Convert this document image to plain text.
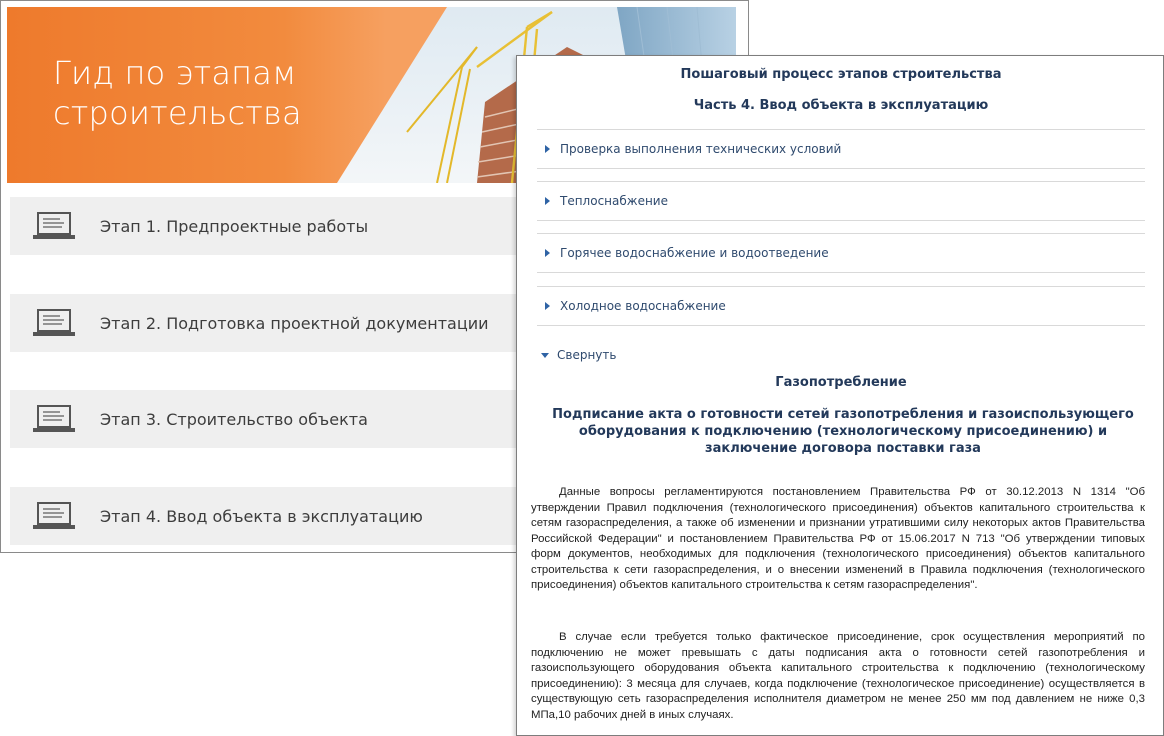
Гид по этапам
строительства
Этап 1. Предпроектные работы
Этап 2. Подготовка проектной документации
Этап 3. Строительство объекта
Этап 4. Ввод объекта в эксплуатацию
Пошаговый процесс этапов строительства
Часть 4. Ввод объекта в эксплуатацию
Проверка выполнения технических условий
Теплоснабжение
Горячее водоснабжение и водоотведение
Холодное водоснабжение
Свернуть
Газопотребление
Подписание акта о готовности сетей газопотребления и газоиспользующего оборудования к подключению (технологическому присоединению) и заключение договора поставки газа

Данные вопросы регламентируются постановлением Правительства РФ от 30.12.2013 N 1314 "Об утверждении Правил подключения (технологического присоединения) объектов капитального строительства к сетям газораспределения, а также об изменении и признании утратившими силу некоторых актов Правительства Российской Федерации" и постановлением Правительства РФ от 15.06.2017 N 713 "Об утверждении типовых форм документов, необходимых для подключения (технологического присоединения) объектов капитального строительства к сети газораспределения, и о внесении изменений в Правила подключения (технологического присоединения) объектов капитального строительства к сетям газораспределения".

В случае если требуется только фактическое присоединение, срок осуществления мероприятий по подключению не может превышать с даты подписания акта о готовности сетей газопотребления и газоиспользующего оборудования объекта капитального строительства к подключению (технологическому присоединению): 3 месяца для случаев, когда подключение (технологическое присоединение) осуществляется в существующую сеть газораспределения исполнителя диаметром не менее 250 мм под давлением не ниже 0,3 МПа,10 рабочих дней в иных случаях.
